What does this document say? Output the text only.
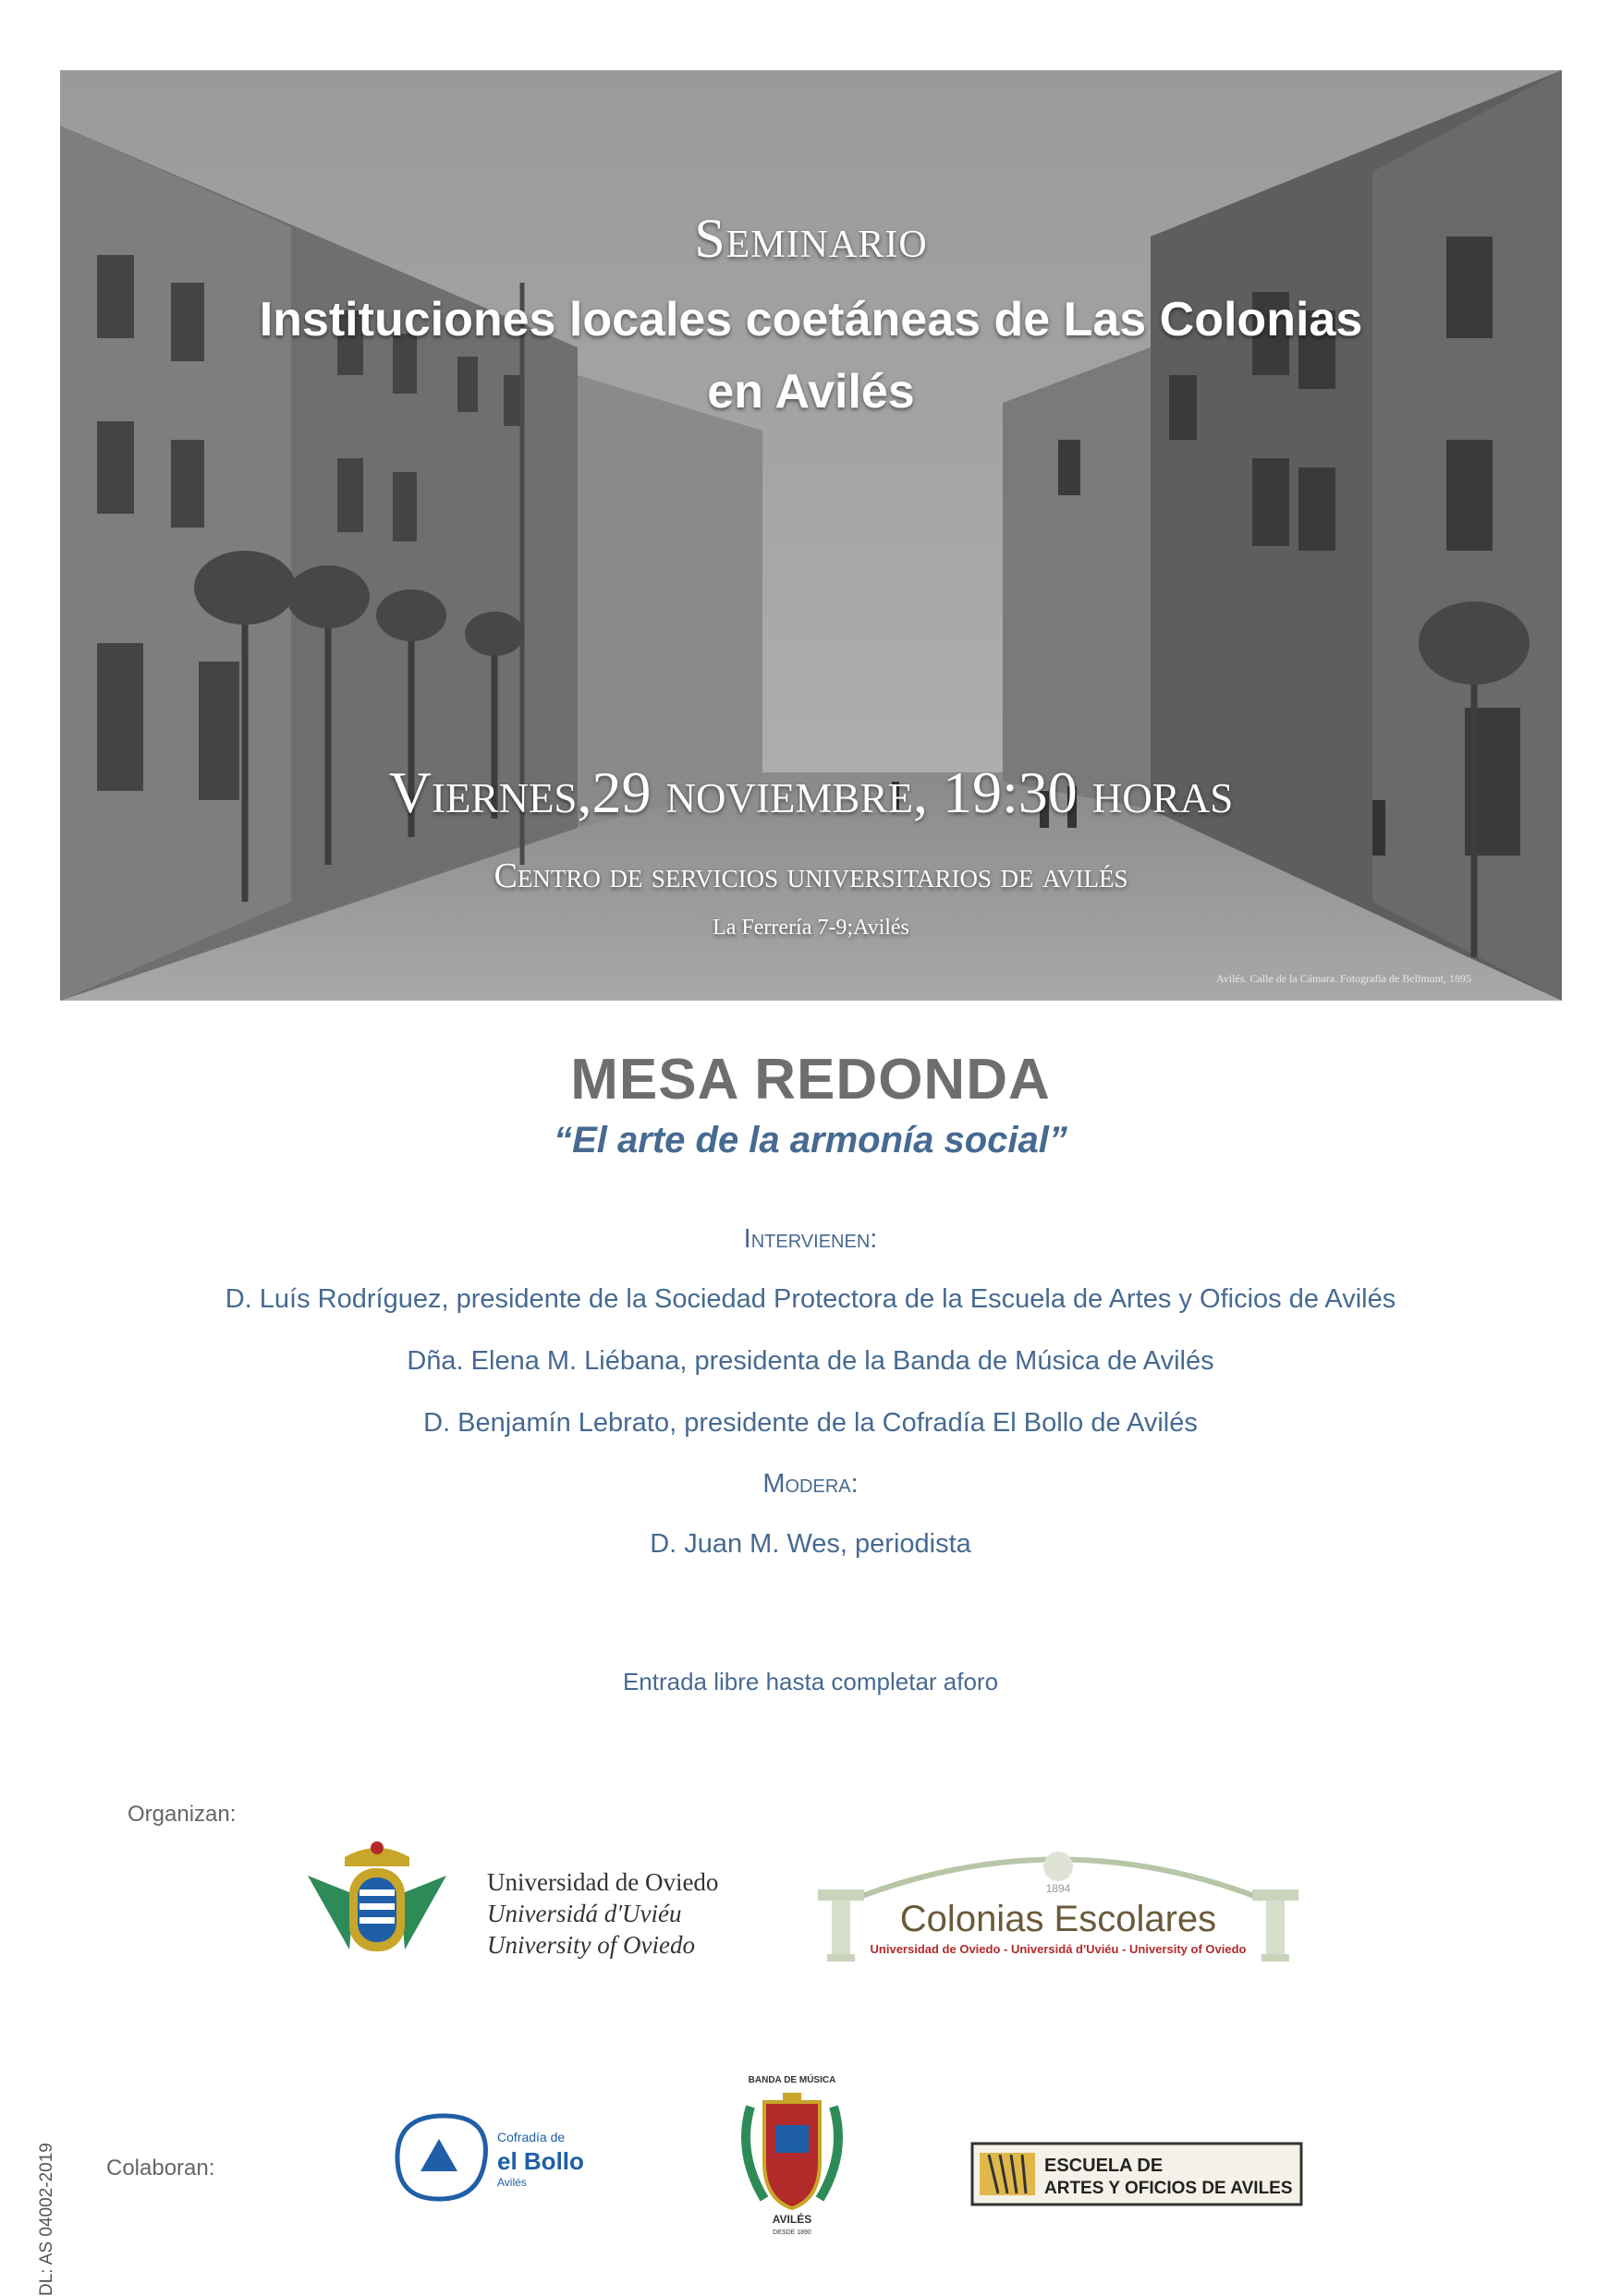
Seminario
Instituciones locales coetáneas de Las Colonias
en Avilés
Viernes,29 noviembre, 19:30 horas
Centro de servicios universitarios de avilés
La Ferrería 7-9;Avilés
Avilés. Calle de la Cámara. Fotografía de Bellmunt, 1895
MESA REDONDA
“El arte de la armonía social”
Intervienen:
D. Luís Rodríguez, presidente de la Sociedad Protectora de la Escuela de Artes y Oficios de Avilés
Dña. Elena M. Liébana, presidenta de la Banda de Música de Avilés
D. Benjamín Lebrato, presidente de la Cofradía El Bollo de Avilés
Modera:
D. Juan M. Wes, periodista
Entrada libre hasta completar aforo
Organizan:
Universidad de Oviedo
Universidá d'Uviéu
University of Oviedo
1894
Colonias Escolares
Universidad de Oviedo - Universidá d'Uviéu - University of Oviedo
Colaboran:
Cofradía de
el Bollo
Avilés
BANDA DE MÚSICA
AVILÉS
DESDE 1890
ESCUELA DE
ARTES Y OFICIOS DE AVILES
DL: AS 04002-2019
